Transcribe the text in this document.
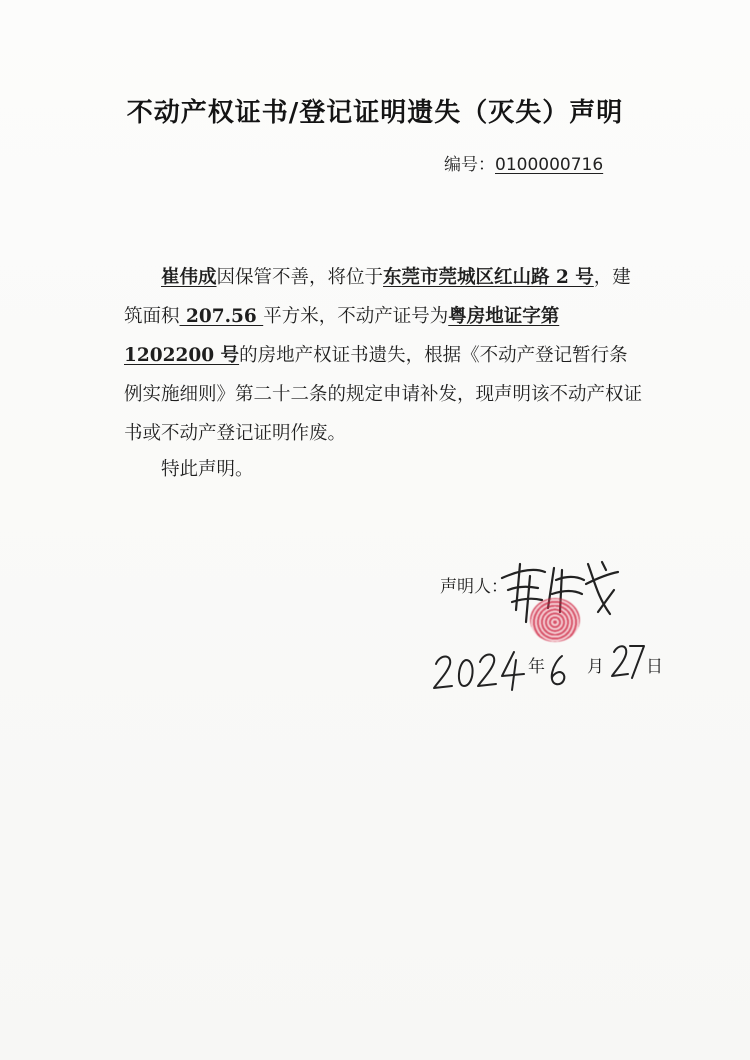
不动产权证书/登记证明遗失（灭失）声明
编号：0100000716

崔伟成因保管不善，将位于东莞市莞城区红山路 2 号，建筑面积 207.56 平方米，不动产证号为粤房地证字第 1202200 号的房地产权证书遗失，根据《不动产登记暂行条例实施细则》第二十二条的规定申请补发，现声明该不动产权证书或不动产登记证明作废。

特此声明。
声明人：
年 月 日
